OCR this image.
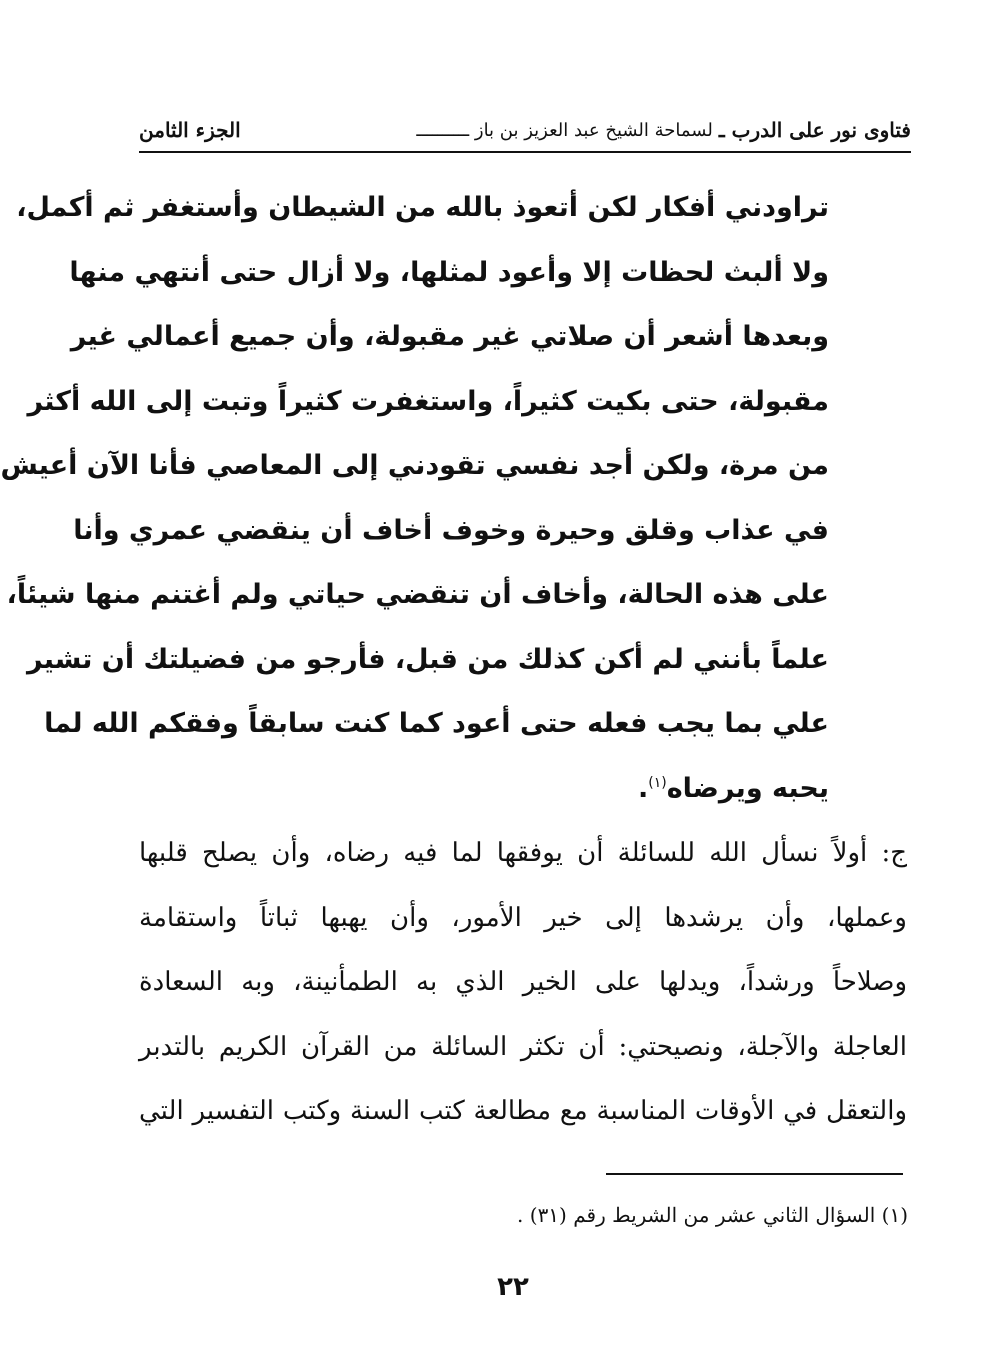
فتاوى نور على الدرب ـ
لسماحة الشيخ عبد العزيز بن باز ــــــــــ
الجزء الثامن
تراودني أفكار لكن أتعوذ بالله من الشيطان وأستغفر ثم أكمل،
ولا ألبث لحظات إلا وأعود لمثلها، ولا أزال حتى أنتهي منها
وبعدها أشعر أن صلاتي غير مقبولة، وأن جميع أعمالي غير
مقبولة، حتى بكيت كثيراً، واستغفرت كثيراً وتبت إلى الله أكثر
من مرة، ولكن أجد نفسي تقودني إلى المعاصي فأنا الآن أعيش
في عذاب وقلق وحيرة وخوف أخاف أن ينقضي عمري وأنا
على هذه الحالة، وأخاف أن تنقضي حياتي ولم أغتنم منها شيئاً،
علماً بأنني لم أكن كذلك من قبل، فأرجو من فضيلتك أن تشير
علي بما يجب فعله حتى أعود كما كنت سابقاً وفقكم الله لما
يحبه ويرضاه$^{(١)}$.
ج: أولاً نسأل الله للسائلة أن يوفقها لما فيه رضاه، وأن يصلح قلبها
وعملها، وأن يرشدها إلى خير الأمور، وأن يهبها ثباتاً واستقامة
وصلاحاً ورشداً، ويدلها على الخير الذي به الطمأنينة، وبه السعادة
العاجلة والآجلة، ونصيحتي: أن تكثر السائلة من القرآن الكريم بالتدبر
والتعقل في الأوقات المناسبة مع مطالعة كتب السنة وكتب التفسير التي
(١) السؤال الثاني عشر من الشريط رقم (٣١) .
٢٢
